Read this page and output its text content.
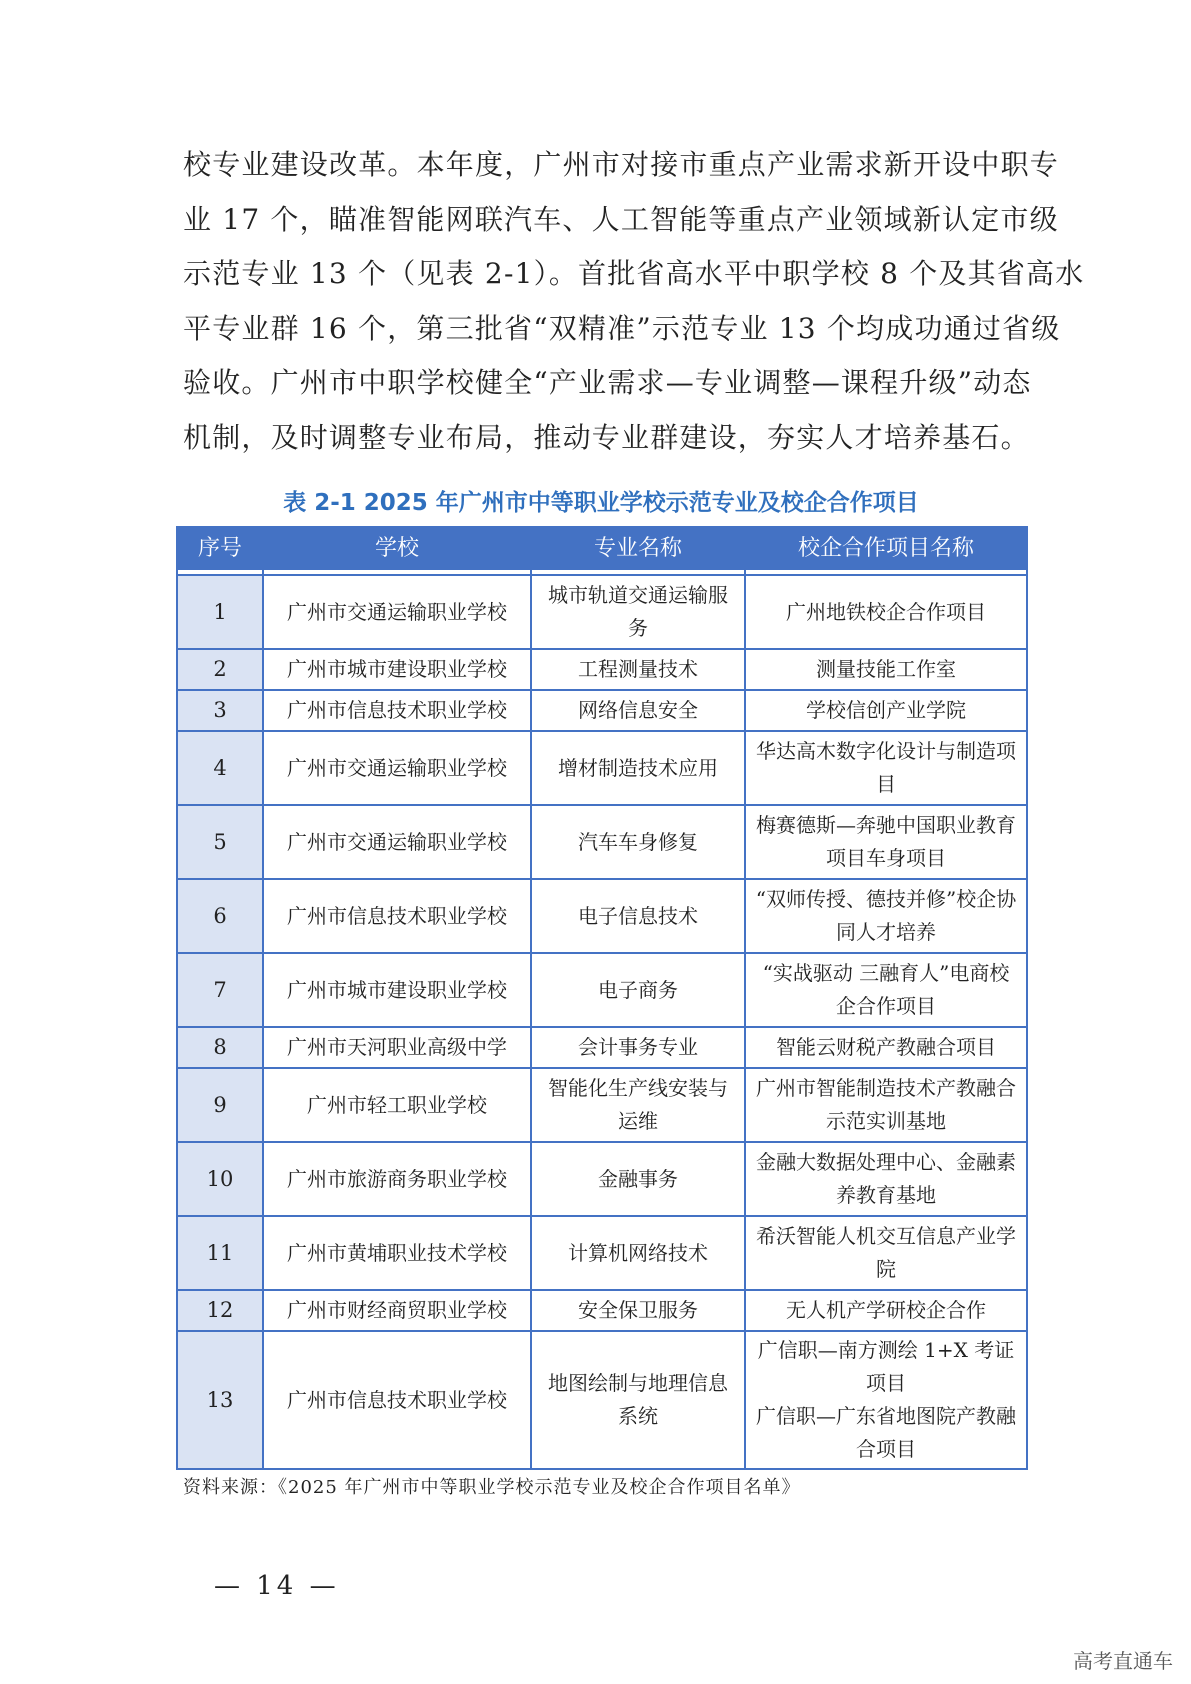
校专业建设改革。本年度，广州市对接市重点产业需求新开设中职专
业 17 个，瞄准智能网联汽车、人工智能等重点产业领域新认定市级
示范专业 13 个（见表 2-1）。首批省高水平中职学校 8 个及其省高水
平专业群 16 个，第三批省“双精准”示范专业 13 个均成功通过省级
验收。广州市中职学校健全“产业需求—专业调整—课程升级”动态
机制，及时调整专业布局，推动专业群建设，夯实人才培养基石。

表 2-1 2025 年广州市中等职业学校示范专业及校企合作项目

序号	学校	专业名称	校企合作项目名称

1	广州市交通运输职业学校	城市轨道交通运输服务	广州地铁校企合作项目

2	广州市城市建设职业学校	工程测量技术	测量技能工作室

3	广州市信息技术职业学校	网络信息安全	学校信创产业学院

4	广州市交通运输职业学校	增材制造技术应用	华达高木数字化设计与制造项目

5	广州市交通运输职业学校	汽车车身修复	梅赛德斯—奔驰中国职业教育项目车身项目

6	广州市信息技术职业学校	电子信息技术	“双师传授、德技并修”校企协同人才培养

7	广州市城市建设职业学校	电子商务	“实战驱动 三融育人”电商校企合作项目

8	广州市天河职业高级中学	会计事务专业	智能云财税产教融合项目

9	广州市轻工职业学校	智能化生产线安装与运维	广州市智能制造技术产教融合示范实训基地

10	广州市旅游商务职业学校	金融事务	金融大数据处理中心、金融素养教育基地

11	广州市黄埔职业技术学校	计算机网络技术	希沃智能人机交互信息产业学院

12	广州市财经商贸职业学校	安全保卫服务	无人机产学研校企合作

13	广州市信息技术职业学校	地图绘制与地理信息系统	广信职—南方测绘 1+X 考证项目
广信职—广东省地图院产教融合项目

资料来源：《2025 年广州市中等职业学校示范专业及校企合作项目名单》

— 14 —

高考直通车
